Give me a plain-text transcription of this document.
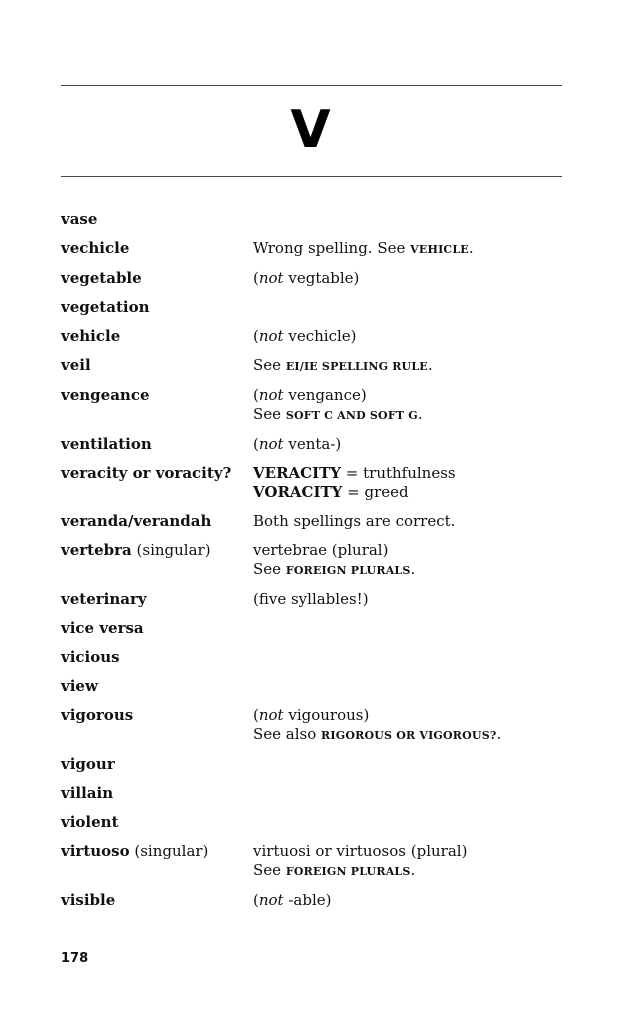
V
vase
vechicle	Wrong spelling. See VEHICLE.
vegetable	(not vegtable)
vegetation
vehicle	(not vechicle)
veil	See EI/IE SPELLING RULE.
vengeance	(not vengance)
See SOFT C AND SOFT G.
ventilation	(not venta-)
veracity or voracity?	VERACITY = truthfulness
VORACITY = greed
veranda/verandah	Both spellings are correct.
vertebra (singular)	vertebrae (plural)
See FOREIGN PLURALS.
veterinary	(five syllables!)
vice versa
vicious
view
vigorous	(not vigourous)
See also RIGOROUS OR VIGOROUS?.
vigour
villain
violent
virtuoso (singular)	virtuosi or virtuosos (plural)
See FOREIGN PLURALS.
visible	(not -able)
178
